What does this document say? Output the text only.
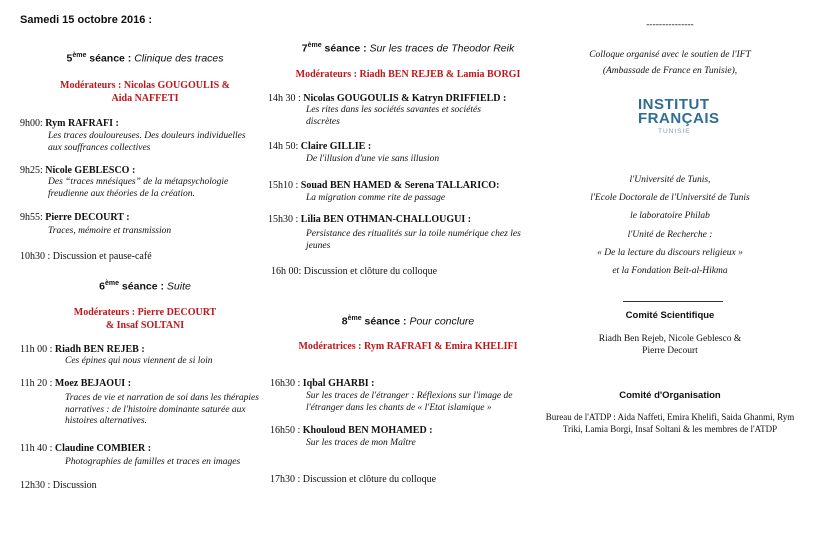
Samedi 15 octobre 2016 :
5ème séance : Clinique des traces
Modérateurs : Nicolas GOUGOULIS & Aida NAFFETI
9h00: Rym RAFRAFI :
Les traces douloureuses. Des douleurs individuelles aux souffrances collectives
9h25: Nicole GEBLESCO :
Des “traces mnésiques” de la métapsychologie freudienne aux théories de la création.
9h55: Pierre DECOURT :
Traces, mémoire et transmission
10h30 : Discussion et pause-café
6ème séance : Suite
Modérateurs : Pierre DECOURT & Insaf SOLTANI
11h 00 : Riadh BEN REJEB :
Ces épines qui nous viennent de si loin
11h 20 : Moez BEJAOUI :
Traces de vie et narration de soi dans les thérapies narratives : de l'histoire dominante saturée aux histoires alternatives.
11h 40 : Claudine COMBIER :
Photographies de familles et traces en images
12h30 : Discussion
7ème séance : Sur les traces de Theodor Reik
Modérateurs : Riadh BEN REJEB & Lamia BORGI
14h 30 : Nicolas GOUGOULIS & Katryn DRIFFIELD :
Les rites dans les sociétés savantes et sociétés discrètes
14h 50: Claire GILLIE :
De l'illusion d'une vie sans illusion
15h10 : Souad BEN HAMED & Serena TALLARICO:
La migration comme rite de passage
15h30 : Lilia BEN OTHMAN-CHALLOUGUI :
Persistance des ritualités sur la toile numérique chez les jeunes
16h 00: Discussion et clôture du colloque
8ème séance : Pour conclure
Modératrices : Rym RAFRAFI & Emira KHELIFI
16h30 : Iqbal GHARBI :
Sur les traces de l'étranger : Réflexions sur l'image de l'étranger dans les chants de « l'Etat islamique »
16h50 : Khouloud BEN MOHAMED :
Sur les traces de mon Maître
17h30 : Discussion et clôture du colloque
---------------
Colloque organisé avec le soutien de l'IFT
(Ambassade de France en Tunisie),
INSTITUT
FRANÇAIS
TUNISIE
l'Université de Tunis,
l'Ecole Doctorale de l'Université de Tunis
le laboratoire Philab
l'Unité de Recherche :
« De la lecture du discours religieux »
et la Fondation Beit-al-Hikma
Comité Scientifique
Riadh Ben Rejeb, Nicole Geblesco & Pierre Decourt
Comité d'Organisation
Bureau de l'ATDP : Aida Naffeti, Emira Khelifi, Saida Ghanmi, Rym Triki, Lamia Borgi, Insaf Soltani & les membres de l'ATDP
